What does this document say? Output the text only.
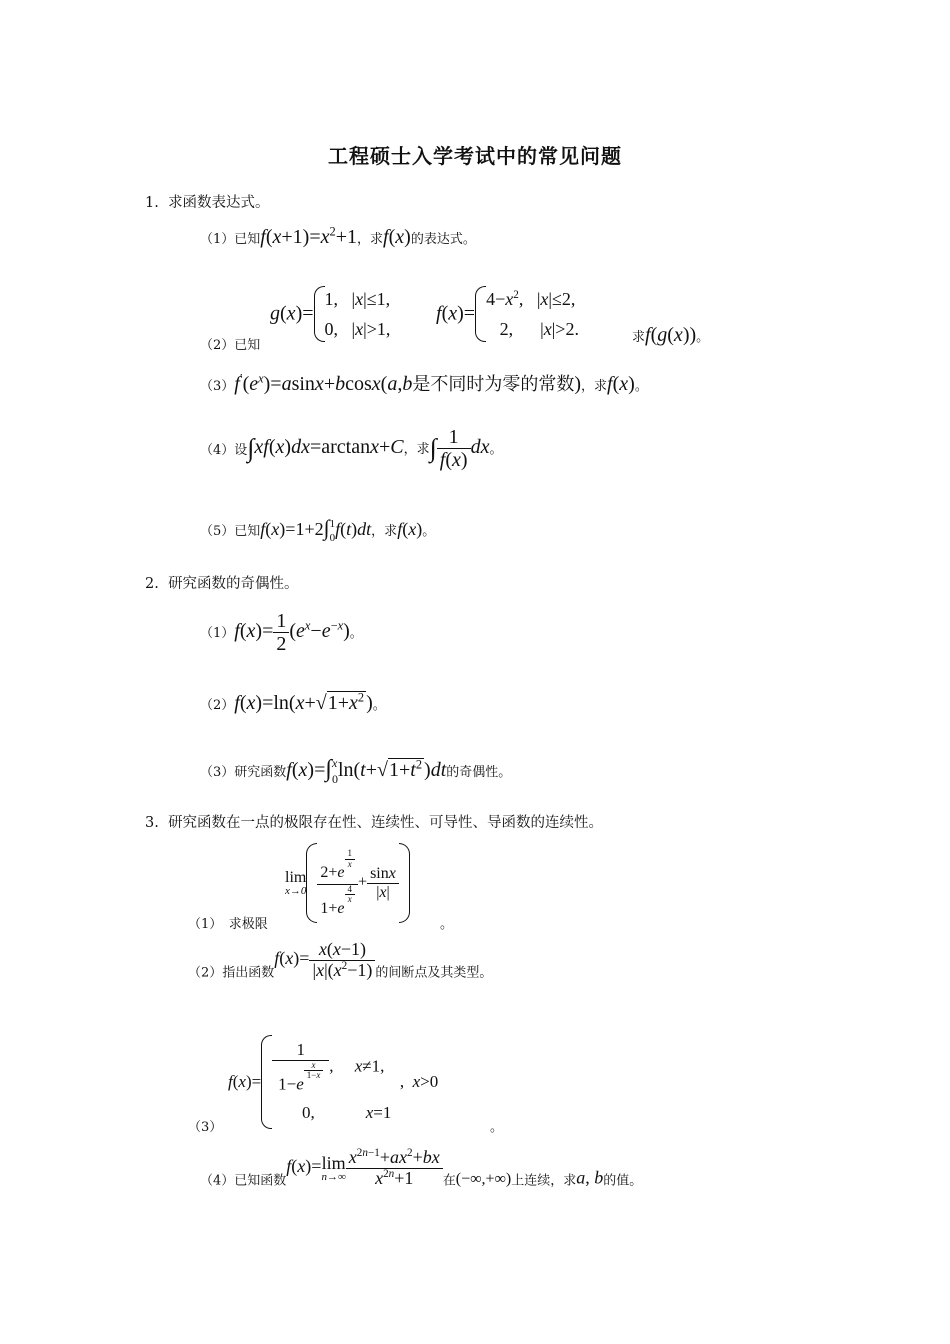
工程硕士入学考试中的常见问题
1. 求函数表达式。
（1）已知$f(x+1)=x^2+1$，求f(x)的表达式。
（2）已知
g(x)=1,   |x|≤1,
0,   |x|>1,
$f(x)=4-x^2$,   |x|≤2,
2,      |x|>2.	求f(g(x))。
$(3)f'(e^x)=asinx+bcosx(a,b$是不同时为零的常数)，求f(x)。
（4）设∫xf(x)dx=arctanx+C，求∫ $\frac{1}{f(x)}$ dx。
（5）已知f(x)=1+2∫1
0f(t)dt，求f(x)。
2. 研究函数的奇偶性。
$(1)f(x)= \frac{1}{2} (e^x-e^{-x})$。
$(2)f(x)=\ln(x+√1+x^2$ )。
（3）研究函数f(x)=∫x
$0\ln(t+√1+t^2$ )dt的奇偶性。
3. 研究函数在一点的极限存在性、连续性、可导性、导函数的连续性。
（1）　求极限
lim
x→0 2+e
$^{\frac{1}{x}}$
1+e
$^{\frac{4}{x}} + \frac{\sin x}{|x|}$
。
（2）指出函数$f(x)= \frac{x(x-1)}{|x|(x^2-1)}$ 的间断点及其类型。
（3）
f(x)= 1
1−e
$^{\frac{x}{1-x}}$ ,     x≠1,
0,            x=1  ,  x>0
。
（4）已知函数f(x)=lim
$n\to\infty \frac{x^{2n-1}+ax^2+bx}{x^{2n}+1}$ 在(−∞,+∞)上连续，求a, b的值。
